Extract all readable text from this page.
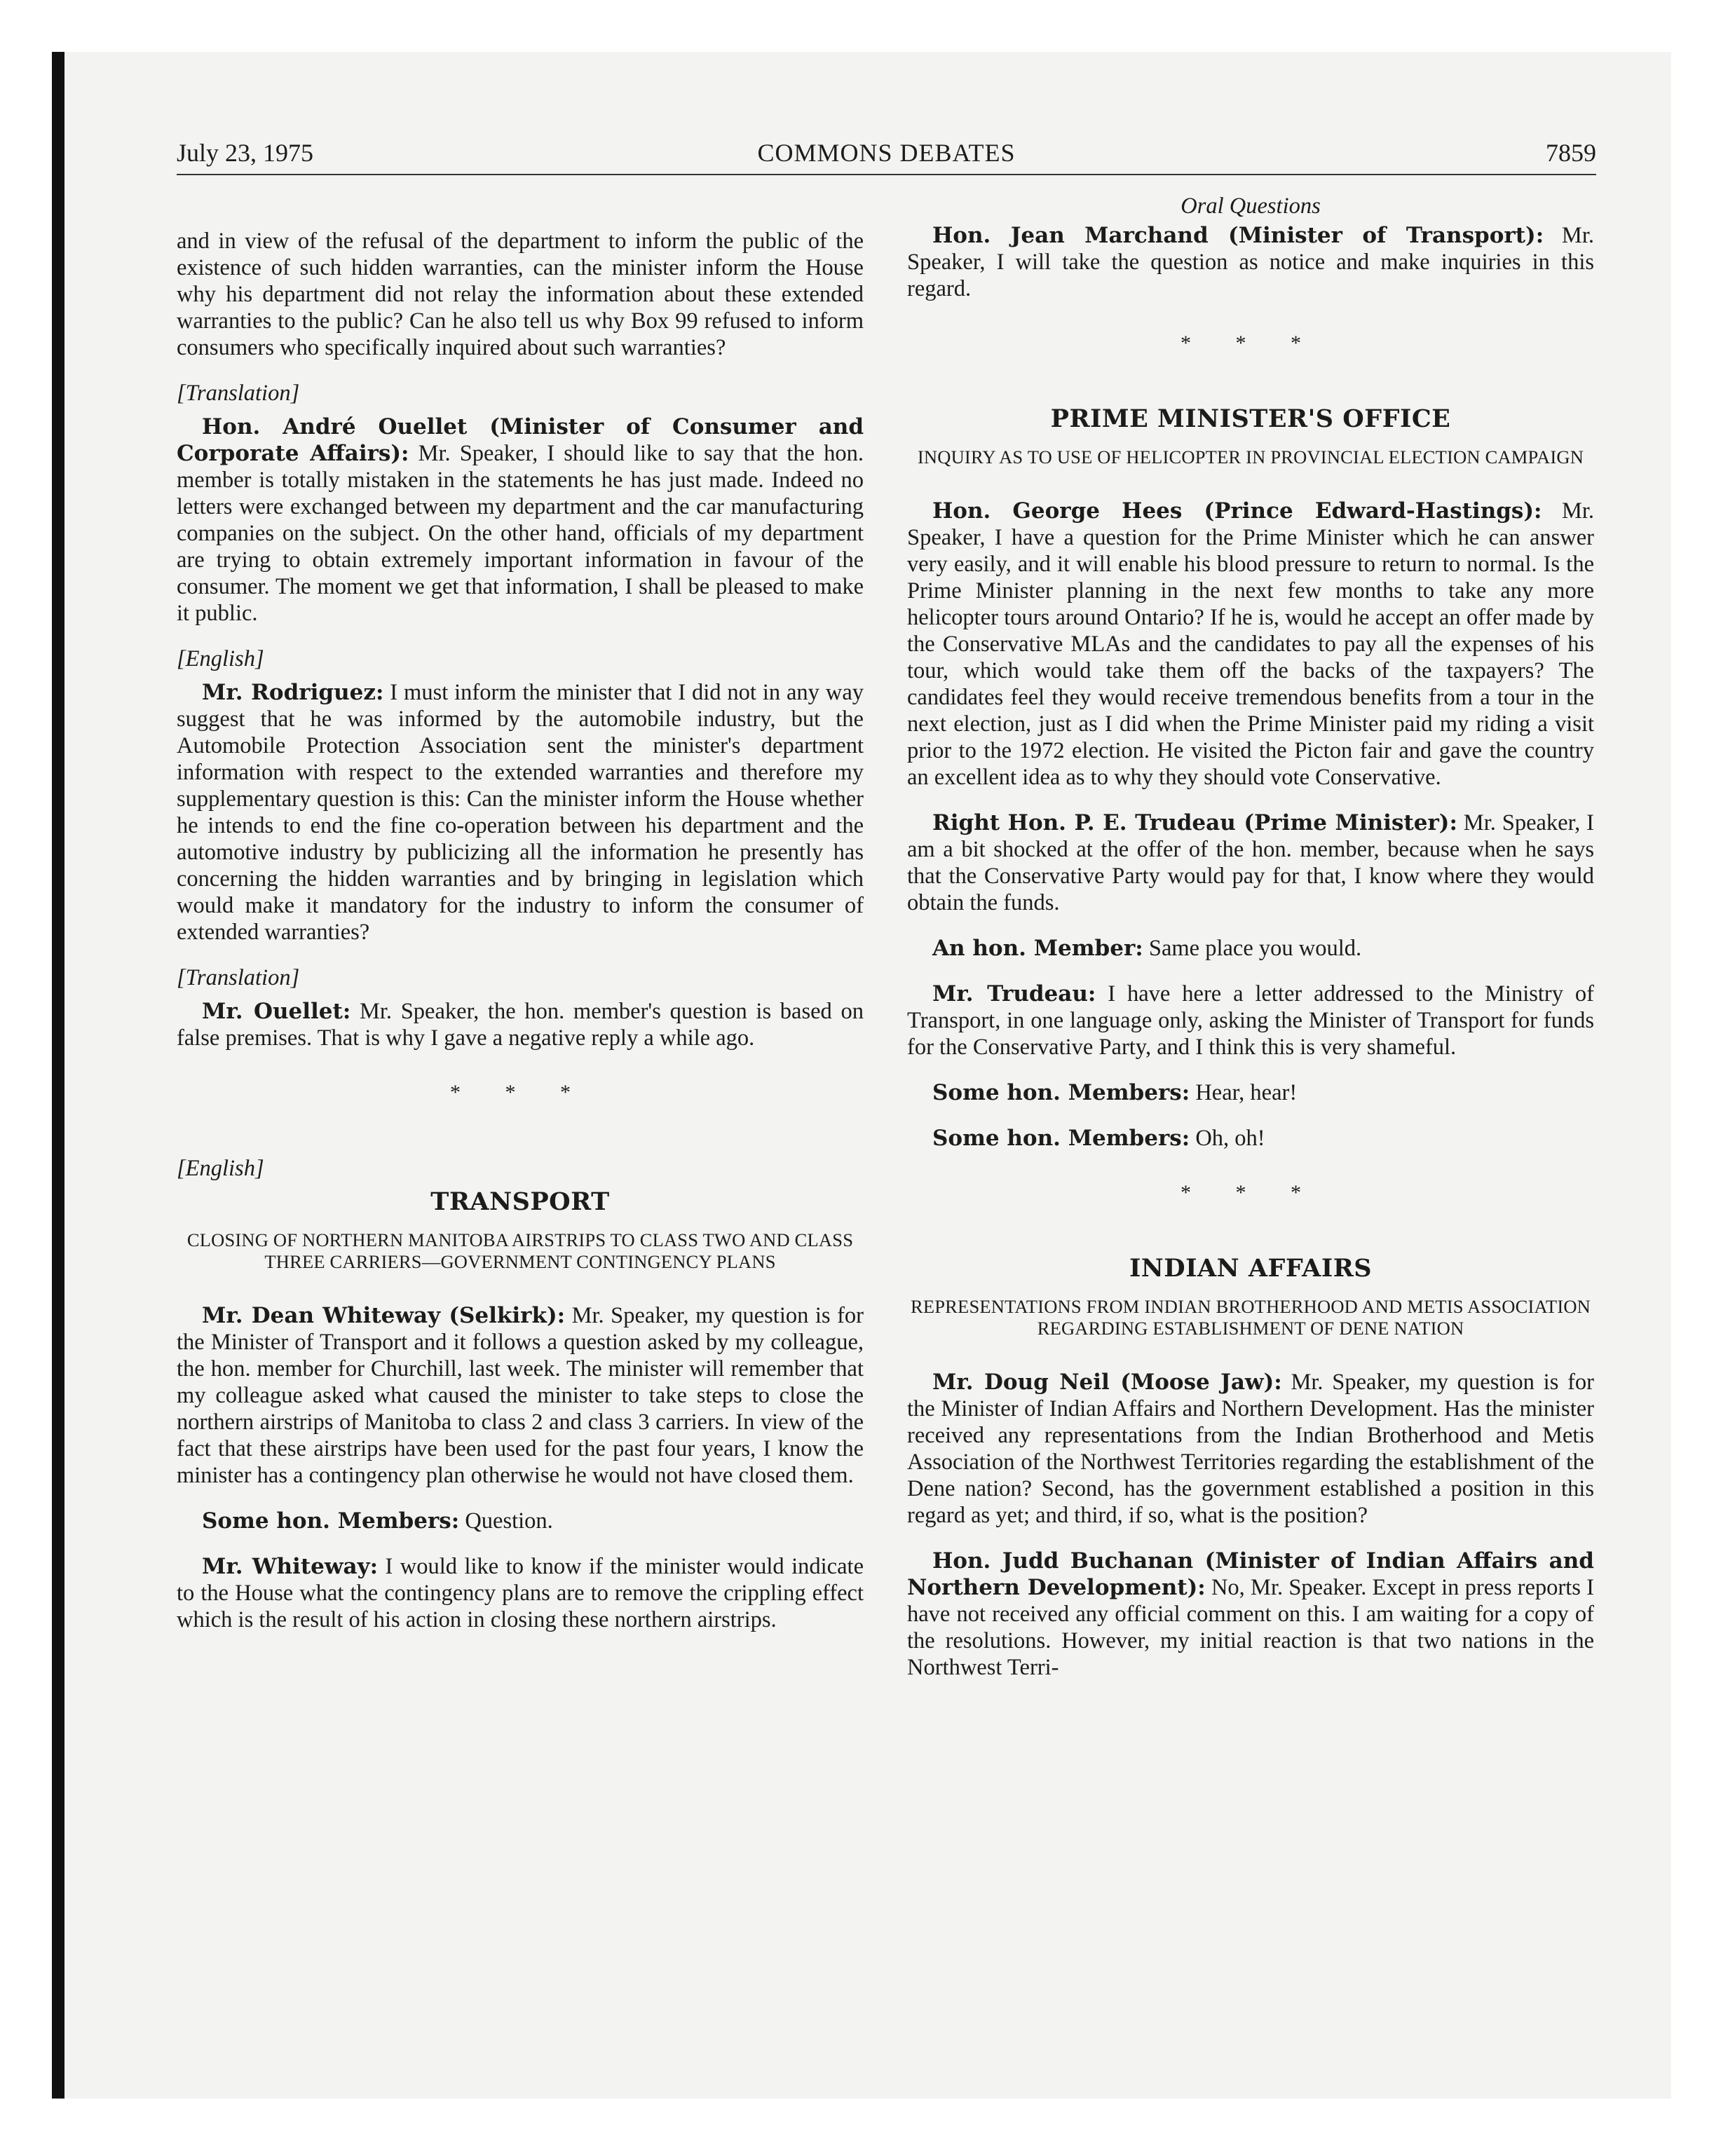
July 23, 1975	COMMONS DEBATES	7859

and in view of the refusal of the department to inform the public of the existence of such hidden warranties, can the minister inform the House why his department did not relay the information about these extended warranties to the public? Can he also tell us why Box 99 refused to inform consumers who specifically inquired about such warranties?

[Translation]

Hon. André Ouellet (Minister of Consumer and Corporate Affairs): Mr. Speaker, I should like to say that the hon. member is totally mistaken in the statements he has just made. Indeed no letters were exchanged between my department and the car manufacturing companies on the subject. On the other hand, officials of my department are trying to obtain extremely important information in favour of the consumer. The moment we get that information, I shall be pleased to make it public.

[English]

Mr. Rodriguez: I must inform the minister that I did not in any way suggest that he was informed by the automobile industry, but the Automobile Protection Association sent the minister's department information with respect to the extended warranties and therefore my supplementary question is this: Can the minister inform the House whether he intends to end the fine co-operation between his department and the automotive industry by publicizing all the information he presently has concerning the hidden warranties and by bringing in legislation which would make it mandatory for the industry to inform the consumer of extended warranties?

[Translation]

Mr. Ouellet: Mr. Speaker, the hon. member's question is based on false premises. That is why I gave a negative reply a while ago.

* * *
[English]
TRANSPORT
CLOSING OF NORTHERN MANITOBA AIRSTRIPS TO CLASS TWO AND CLASS THREE CARRIERS—GOVERNMENT CONTINGENCY PLANS

Mr. Dean Whiteway (Selkirk): Mr. Speaker, my question is for the Minister of Transport and it follows a question asked by my colleague, the hon. member for Churchill, last week. The minister will remember that my colleague asked what caused the minister to take steps to close the northern airstrips of Manitoba to class 2 and class 3 carriers. In view of the fact that these airstrips have been used for the past four years, I know the minister has a contingency plan otherwise he would not have closed them.

Some hon. Members: Question.

Mr. Whiteway: I would like to know if the minister would indicate to the House what the contingency plans are to remove the crippling effect which is the result of his action in closing these northern airstrips.

Oral Questions

Hon. Jean Marchand (Minister of Transport): Mr. Speaker, I will take the question as notice and make inquiries in this regard.

* * *
PRIME MINISTER'S OFFICE
INQUIRY AS TO USE OF HELICOPTER IN PROVINCIAL ELECTION CAMPAIGN

Hon. George Hees (Prince Edward-Hastings): Mr. Speaker, I have a question for the Prime Minister which he can answer very easily, and it will enable his blood pressure to return to normal. Is the Prime Minister planning in the next few months to take any more helicopter tours around Ontario? If he is, would he accept an offer made by the Conservative MLAs and the candidates to pay all the expenses of his tour, which would take them off the backs of the taxpayers? The candidates feel they would receive tremendous benefits from a tour in the next election, just as I did when the Prime Minister paid my riding a visit prior to the 1972 election. He visited the Picton fair and gave the country an excellent idea as to why they should vote Conservative.

Right Hon. P. E. Trudeau (Prime Minister): Mr. Speaker, I am a bit shocked at the offer of the hon. member, because when he says that the Conservative Party would pay for that, I know where they would obtain the funds.

An hon. Member: Same place you would.

Mr. Trudeau: I have here a letter addressed to the Ministry of Transport, in one language only, asking the Minister of Transport for funds for the Conservative Party, and I think this is very shameful.

Some hon. Members: Hear, hear!

Some hon. Members: Oh, oh!

* * *
INDIAN AFFAIRS
REPRESENTATIONS FROM INDIAN BROTHERHOOD AND METIS ASSOCIATION REGARDING ESTABLISHMENT OF DENE NATION

Mr. Doug Neil (Moose Jaw): Mr. Speaker, my question is for the Minister of Indian Affairs and Northern Development. Has the minister received any representations from the Indian Brotherhood and Metis Association of the Northwest Territories regarding the establishment of the Dene nation? Second, has the government established a position in this regard as yet; and third, if so, what is the position?

Hon. Judd Buchanan (Minister of Indian Affairs and Northern Development): No, Mr. Speaker. Except in press reports I have not received any official comment on this. I am waiting for a copy of the resolutions. However, my initial reaction is that two nations in the Northwest Terri-
